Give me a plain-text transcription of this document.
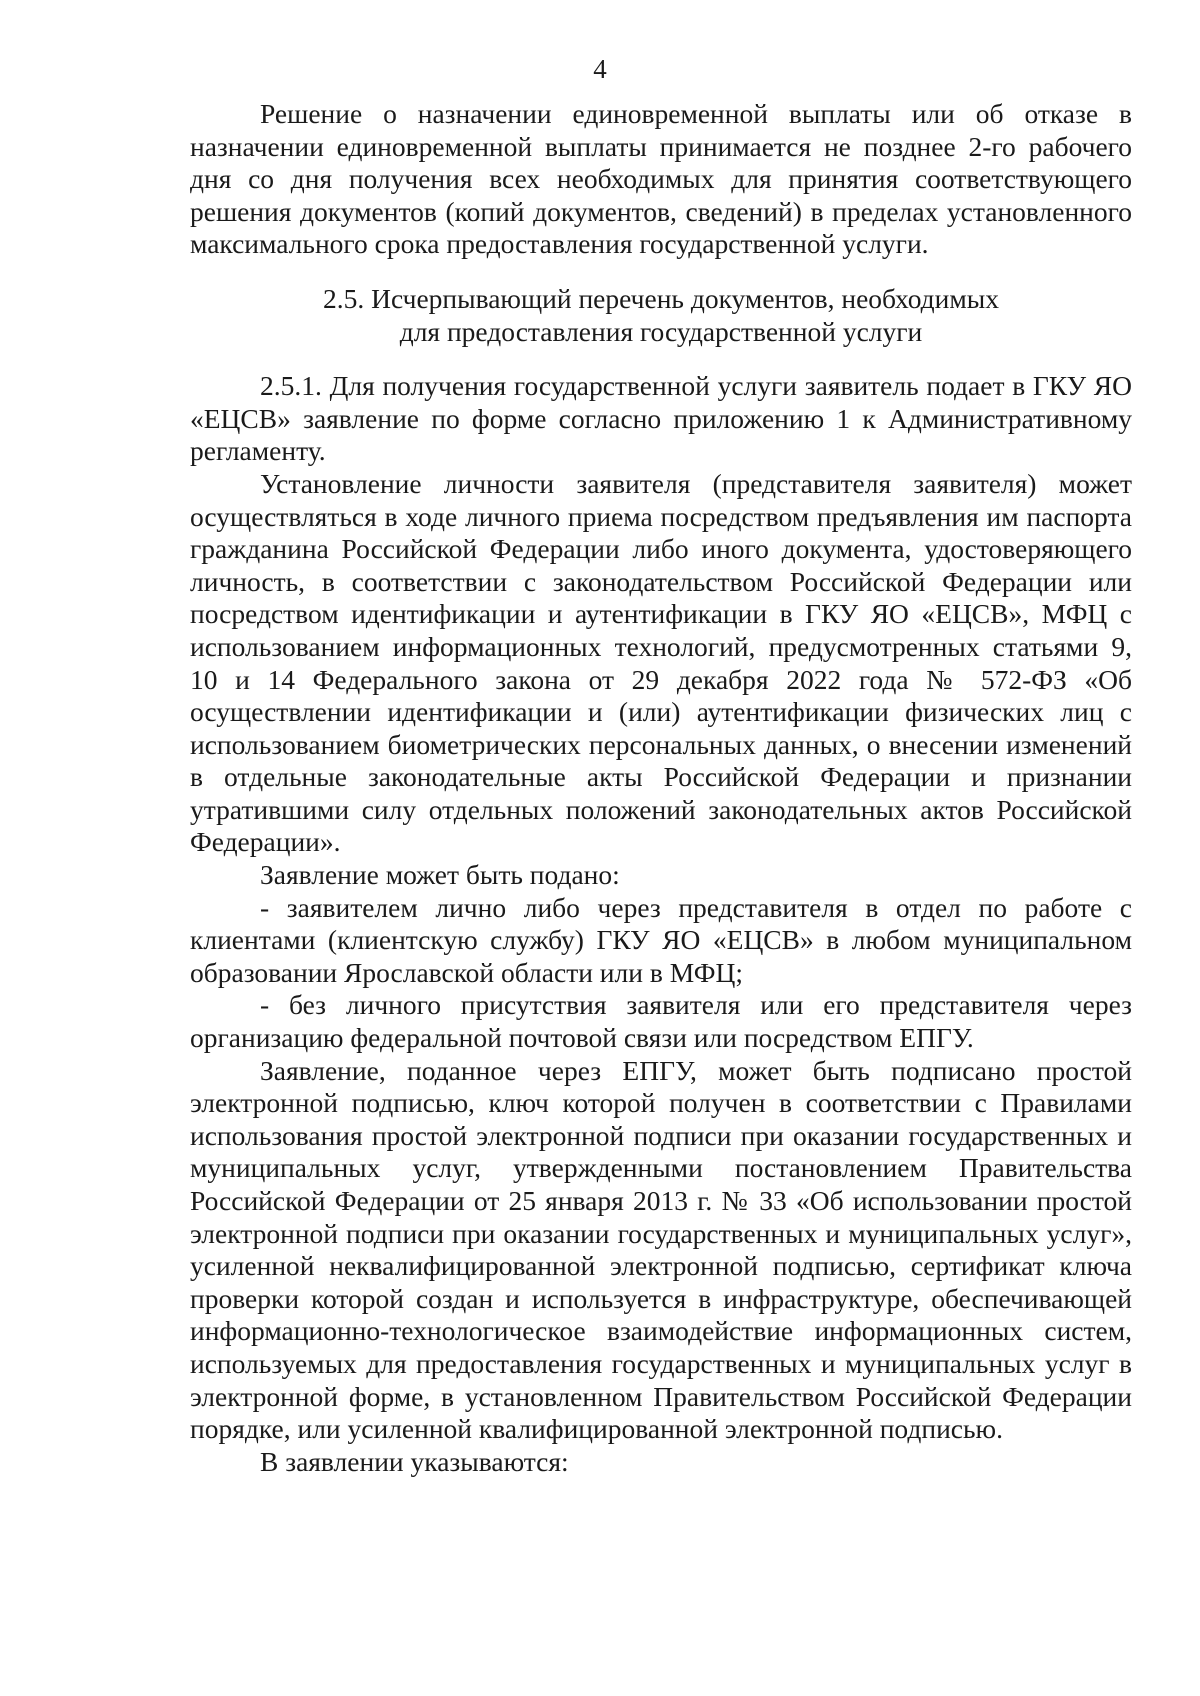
4

Решение о назначении единовременной выплаты или об отказе в назначении единовременной выплаты принимается не позднее 2-го рабочего дня со дня получения всех необходимых для принятия соответствующего решения документов (копий документов, сведений) в пределах установленного максимального срока предоставления государственной услуги.

2.5. Исчерпывающий перечень документов, необходимых
для предоставления государственной услуги

2.5.1. Для получения государственной услуги заявитель подает в ГКУ ЯО «ЕЦСВ» заявление по форме согласно приложению 1 к Административному регламенту.

Установление личности заявителя (представителя заявителя) может осуществляться в ходе личного приема посредством предъявления им паспорта гражданина Российской Федерации либо иного документа, удостоверяющего личность, в соответствии с законодательством Российской Федерации или посредством идентификации и аутентификации в ГКУ ЯО «ЕЦСВ», МФЦ с использованием информационных технологий, предусмотренных статьями 9, 10 и 14 Федерального закона от 29 декабря 2022 года № 572-ФЗ «Об осуществлении идентификации и (или) аутентификации физических лиц с использованием биометрических персональных данных, о внесении изменений в отдельные законодательные акты Российской Федерации и признании утратившими силу отдельных положений законодательных актов Российской Федерации».

Заявление может быть подано:

- заявителем лично либо через представителя в отдел по работе с клиентами (клиентскую службу) ГКУ ЯО «ЕЦСВ» в любом муниципальном образовании Ярославской области или в МФЦ;

- без личного присутствия заявителя или его представителя через организацию федеральной почтовой связи или посредством ЕПГУ.

Заявление, поданное через ЕПГУ, может быть подписано простой электронной подписью, ключ которой получен в соответствии с Правилами использования простой электронной подписи при оказании государственных и муниципальных услуг, утвержденными постановлением Правительства Российской Федерации от 25 января 2013 г. № 33 «Об использовании простой электронной подписи при оказании государственных и муниципальных услуг», усиленной неквалифицированной электронной подписью, сертификат ключа проверки которой создан и используется в инфраструктуре, обеспечивающей информационно-технологическое взаимодействие информационных систем, используемых для предоставления государственных и муниципальных услуг в электронной форме, в установленном Правительством Российской Федерации порядке, или усиленной квалифицированной электронной подписью.

В заявлении указываются:
